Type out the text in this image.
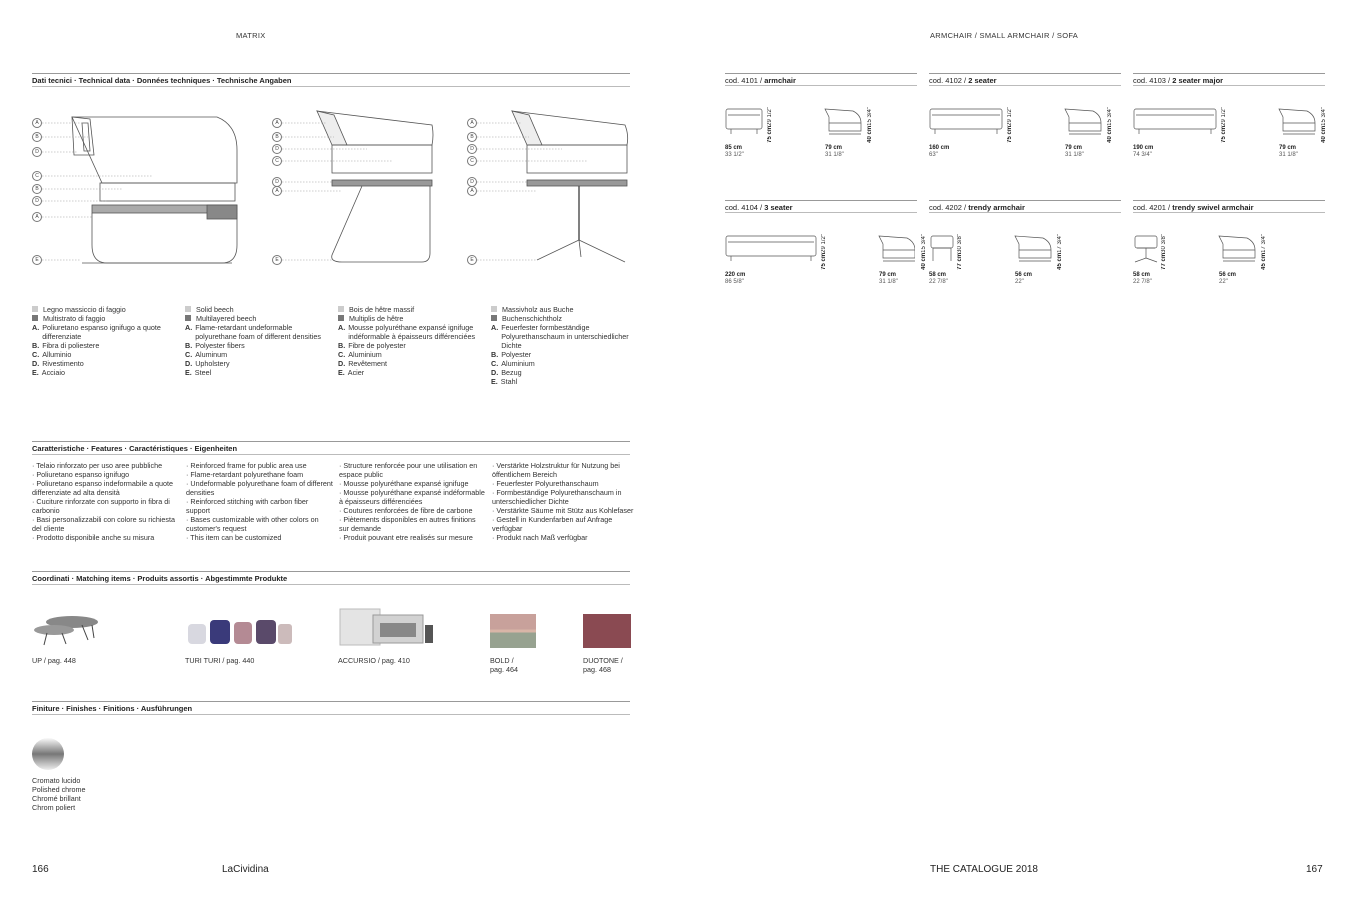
MATRIX	ARMCHAIR / SMALL ARMCHAIR / SOFA
Dati tecnici · Technical data · Données techniques · Technische Angaben
A
B
D
C
B
D
A
E
A
B
D
C
D
A
E
A
B
D
C
D
A
E
Legno massiccio di faggio
Multistrato di faggio
A. Poliuretano espanso ignifugo a quote differenziate
B. Fibra di poliestere
C. Alluminio
D. Rivestimento
E. Acciaio
Solid beech
Multilayered beech
A. Flame-retardant undeformable polyurethane foam of different densities
B. Polyester fibers
C. Aluminum
D. Upholstery
E. Steel
Bois de hêtre massif
Multiplis de hêtre
A. Mousse polyuréthane expansé ignifuge indéformable à épaisseurs différenciées
B. Fibre de polyester
C. Aluminium
D. Revêtement
E. Acier
Massivholz aus Buche
Buchenschichtholz
A. Feuerfester formbeständige Polyurethanschaum in unterschiedlicher Dichte
B. Polyester
C. Aluminium
D. Bezug
E. Stahl
Caratteristiche · Features · Caractéristiques · Eigenheiten
· Telaio rinforzato per uso aree pubbliche
· Poliuretano espanso ignifugo
· Poliuretano espanso indeformabile a quote differenziate ad alta densità
· Cuciture rinforzate con supporto in fibra di carbonio
· Basi personalizzabili con colore su richiesta del cliente
· Prodotto disponibile anche su misura
· Reinforced frame for public area use
· Flame-retardant polyurethane foam
· Undeformable polyurethane foam of different densities
· Reinforced stitching with carbon fiber support
· Bases customizable with other colors on customer's request
· This item can be customized
· Structure renforcée pour une utilisation en espace public
· Mousse polyuréthane expansé ignifuge
· Mousse polyuréthane expansé indéformable à épaisseurs différenciées
· Coutures renforcées de fibre de carbone
· Piètements disponibles en autres finitions sur demande
· Produit pouvant etre realisés sur mesure
· Verstärkte Holzstruktur für Nutzung bei öffentlichem Bereich
· Feuerfester Polyurethanschaum
· Formbeständige Polyurethanschaum in unterschiedlicher Dichte
· Verstärkte Säume mit Stütz aus Kohlefaser
· Gestell in Kundenfarben auf Anfrage verfügbar
· Produkt nach Maß verfügbar
Coordinati · Matching items · Produits assortis · Abgestimmte Produkte
UP / pag. 448	TURI TURI / pag. 440	ACCURSIO / pag. 410	BOLD /
pag. 464
DUOTONE /
pag. 468
Finiture · Finishes · Finitions · Ausführungen
Cromato lucido
Polished chrome
Chromé brillant
Chrom poliert
cod. 4101 / armchair
85 cm
33 1/2"
79 cm
31 1/8"
75 cm29 1/2"
40 cm15 3/4"
cod. 4102 / 2 seater
160 cm
63"
79 cm
31 1/8"
75 cm29 1/2"
40 cm15 3/4"
cod. 4103 / 2 seater major
190 cm
74 3/4"
79 cm
31 1/8"
75 cm29 1/2"
40 cm15 3/4"
cod. 4104 / 3 seater
220 cm
86 5/8"
79 cm
31 1/8"
75 cm29 1/2"
40 cm15 3/4"
cod. 4202 / trendy armchair
58 cm
22 7/8"
56 cm
22"
77 cm30 3/8"
45 cm17 3/4"
cod. 4201 / trendy swivel armchair
58 cm
22 7/8"
56 cm
22"
77 cm30 3/8"
45 cm17 3/4"
166	LaCividina	THE CATALOGUE 2018	167
